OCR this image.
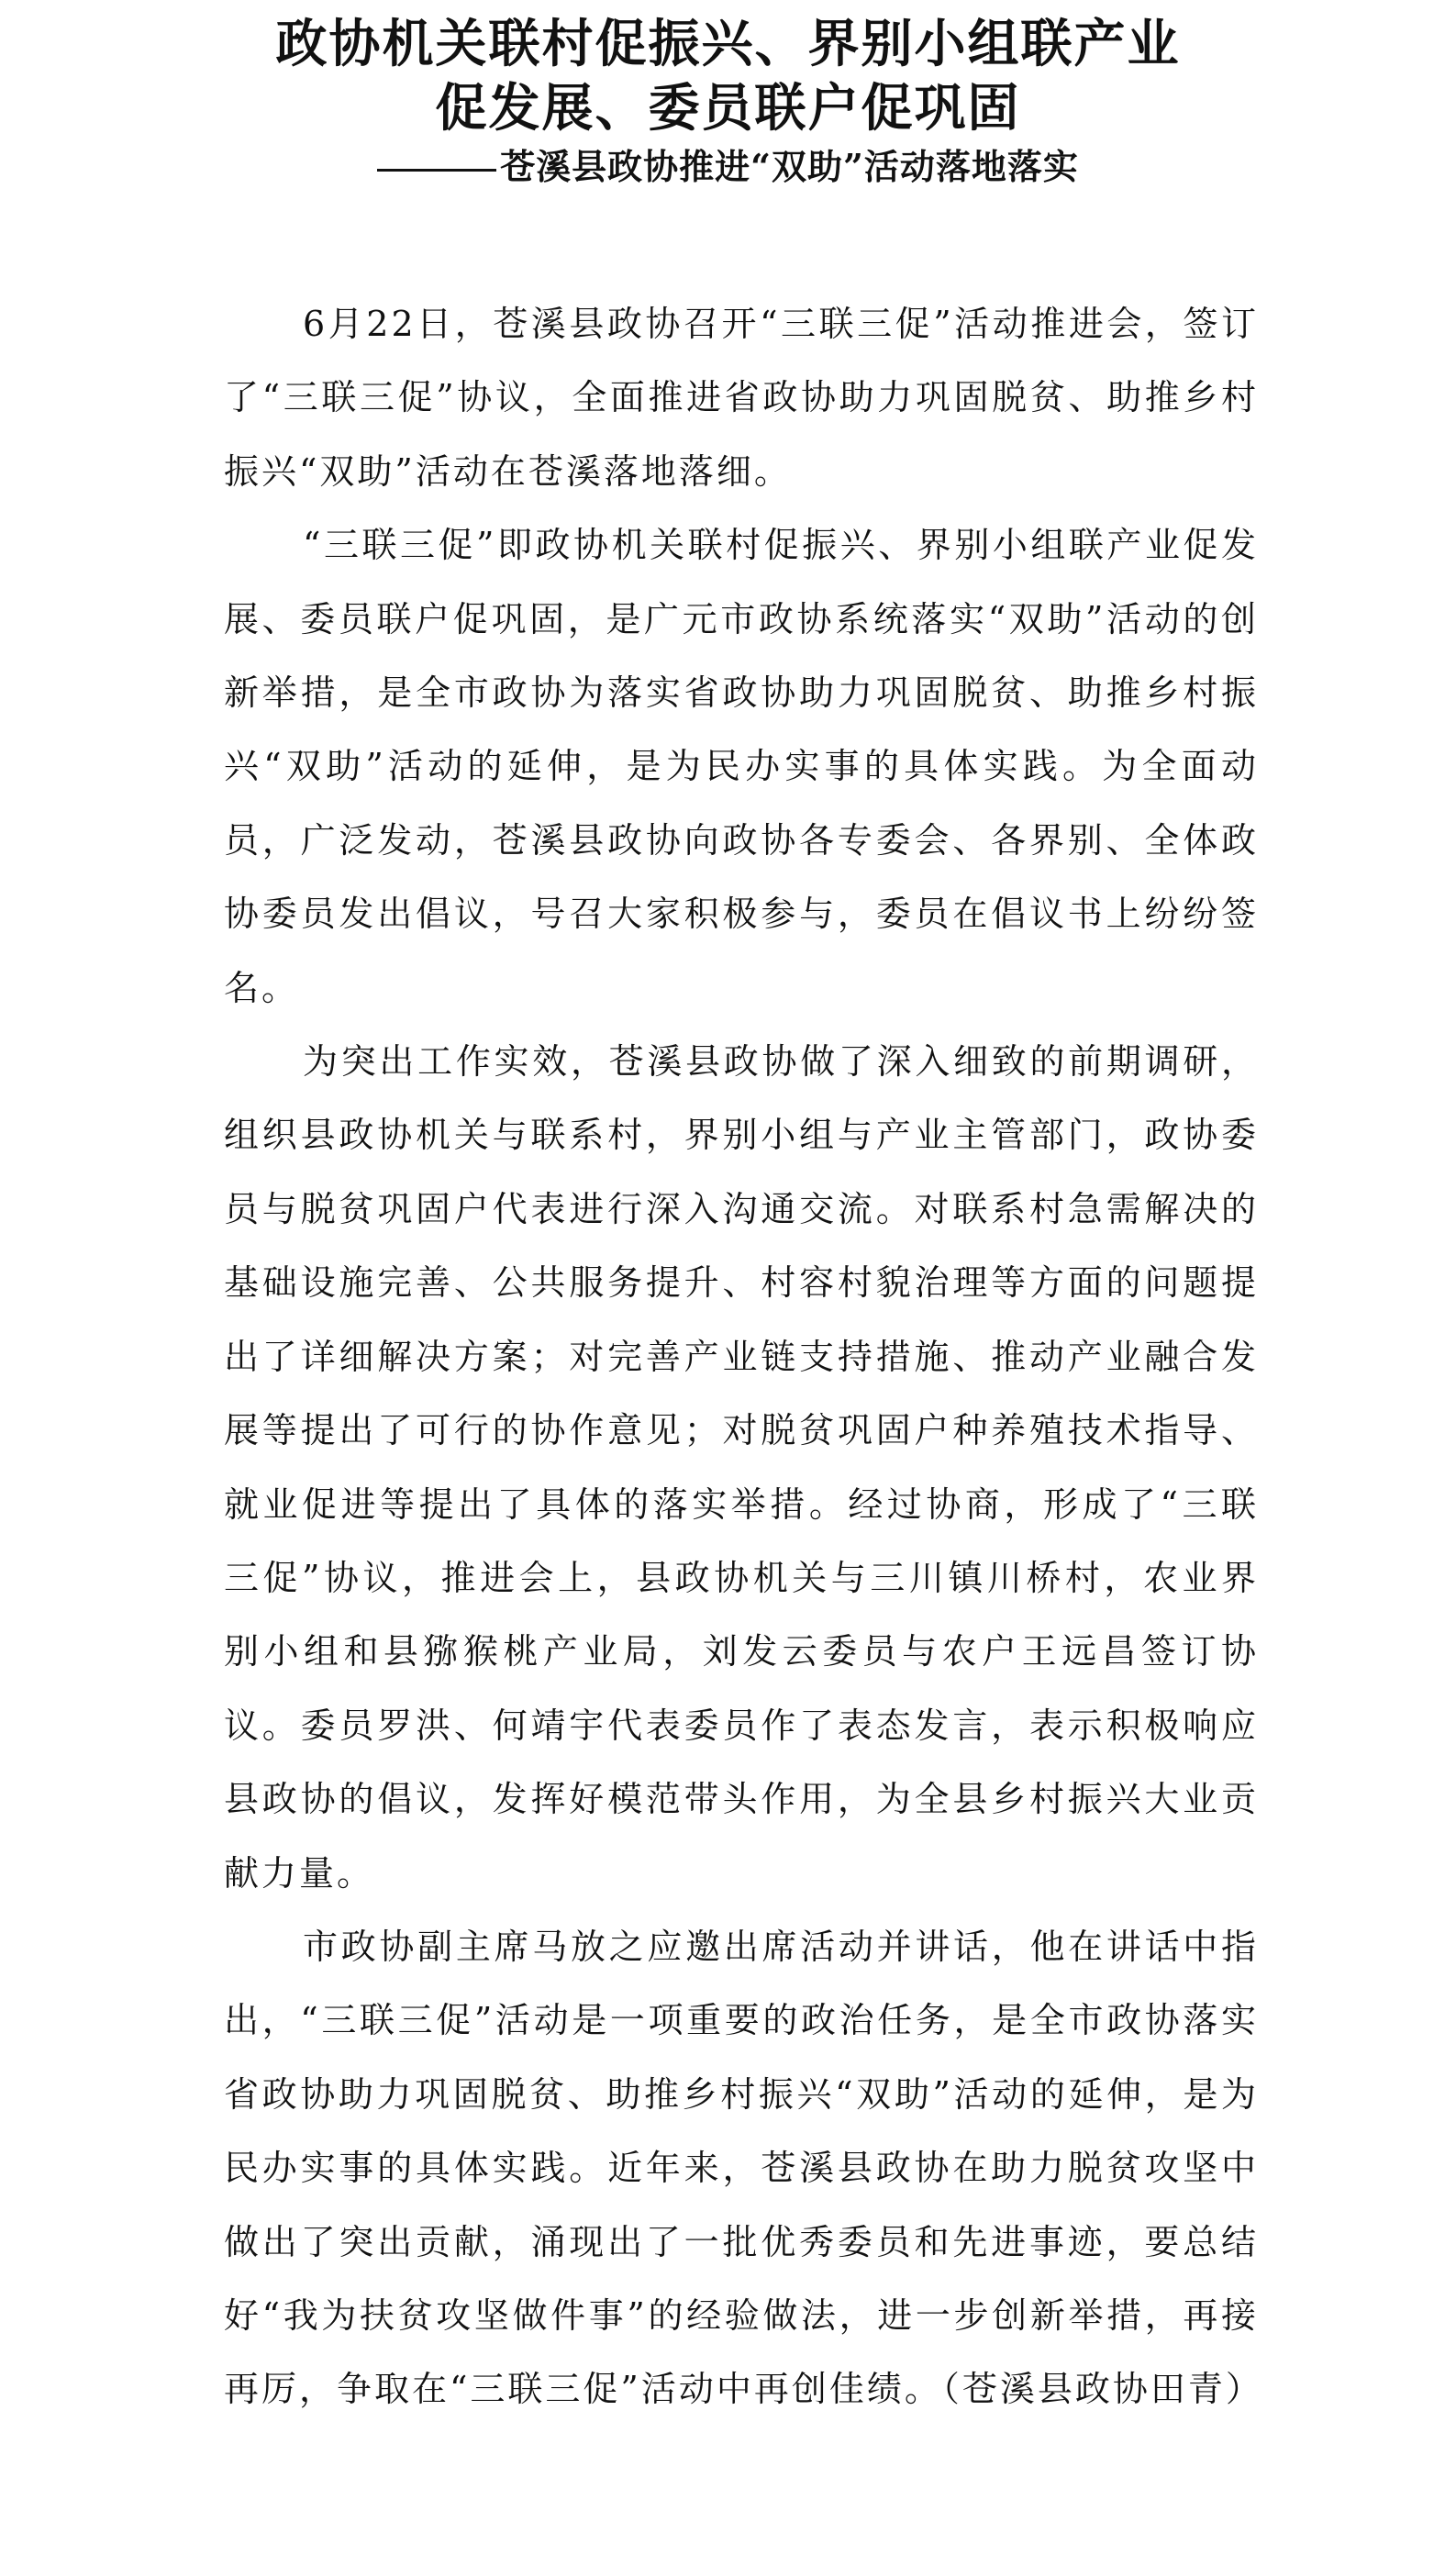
政协机关联村促振兴、界别小组联产业
促发展、委员联户促巩固
苍溪县政协推进“双助”活动落地落实

6月22日，苍溪县政协召开“三联三促”活动推进会，签订了“三联三促”协议，全面推进省政协助力巩固脱贫、助推乡村振兴“双助”活动在苍溪落地落细。

“三联三促”即政协机关联村促振兴、界别小组联产业促发展、委员联户促巩固，是广元市政协系统落实“双助”活动的创新举措，是全市政协为落实省政协助力巩固脱贫、助推乡村振兴“双助”活动的延伸，是为民办实事的具体实践。为全面动员，广泛发动，苍溪县政协向政协各专委会、各界别、全体政协委员发出倡议，号召大家积极参与，委员在倡议书上纷纷签名。

为突出工作实效，苍溪县政协做了深入细致的前期调研，组织县政协机关与联系村，界别小组与产业主管部门，政协委员与脱贫巩固户代表进行深入沟通交流。对联系村急需解决的基础设施完善、公共服务提升、村容村貌治理等方面的问题提出了详细解决方案；对完善产业链支持措施、推动产业融合发展等提出了可行的协作意见；对脱贫巩固户种养殖技术指导、就业促进等提出了具体的落实举措。经过协商，形成了“三联三促”协议，推进会上，县政协机关与三川镇川桥村，农业界别小组和县猕猴桃产业局，刘发云委员与农户王远昌签订协议。委员罗洪、何靖宇代表委员作了表态发言，表示积极响应县政协的倡议，发挥好模范带头作用，为全县乡村振兴大业贡献力量。

市政协副主席马放之应邀出席活动并讲话，他在讲话中指出，“三联三促”活动是一项重要的政治任务，是全市政协落实省政协助力巩固脱贫、助推乡村振兴“双助”活动的延伸，是为民办实事的具体实践。近年来，苍溪县政协在助力脱贫攻坚中做出了突出贡献，涌现出了一批优秀委员和先进事迹，要总结好“我为扶贫攻坚做件事”的经验做法，进一步创新举措，再接再厉，争取在“三联三促”活动中再创佳绩。（苍溪县政协田青）
